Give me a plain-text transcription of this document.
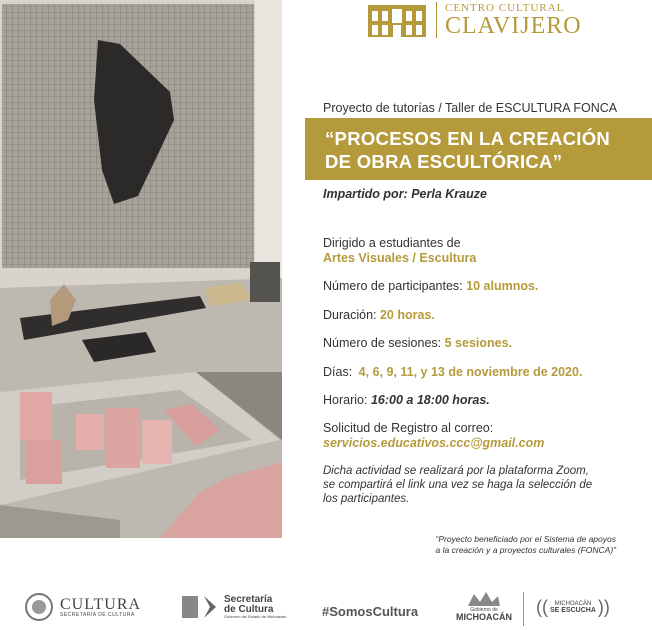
CENTRO CULTURAL
CLAVIJERO
Proyecto de tutorías / Taller de ESCULTURA FONCA
“PROCESOS EN LA CREACIÓN
DE OBRA ESCULTÓRICA”
Impartido por: Perla Krauze
Dirigido a estudiantes de
Artes Visuales / Escultura
Número de participantes: 10 alumnos.
Duración: 20 horas.
Número de sesiones: 5 sesiones.
Días: 4, 6, 9, 11, y 13 de noviembre de 2020.
Horario: 16:00 a 18:00 horas.
Solicitud de Registro al correo:
servicios.educativos.ccc@gmail.com
Dicha actividad se realizará por la plataforma Zoom,
se compartirá el link una vez se haga la selección de
los participantes.
“Proyecto beneficiado por el Sistema de apoyos
a la creación y a proyectos culturales (FONCA)”
CULTURA
SECRETARÍA DE CULTURA
Secretaría
de Cultura
Gobierno del Estado de Michoacán	#SomosCultura	Gobierno de
MICHOACÁN ((	MICHOACÁN
SE ESCUCHA ))
